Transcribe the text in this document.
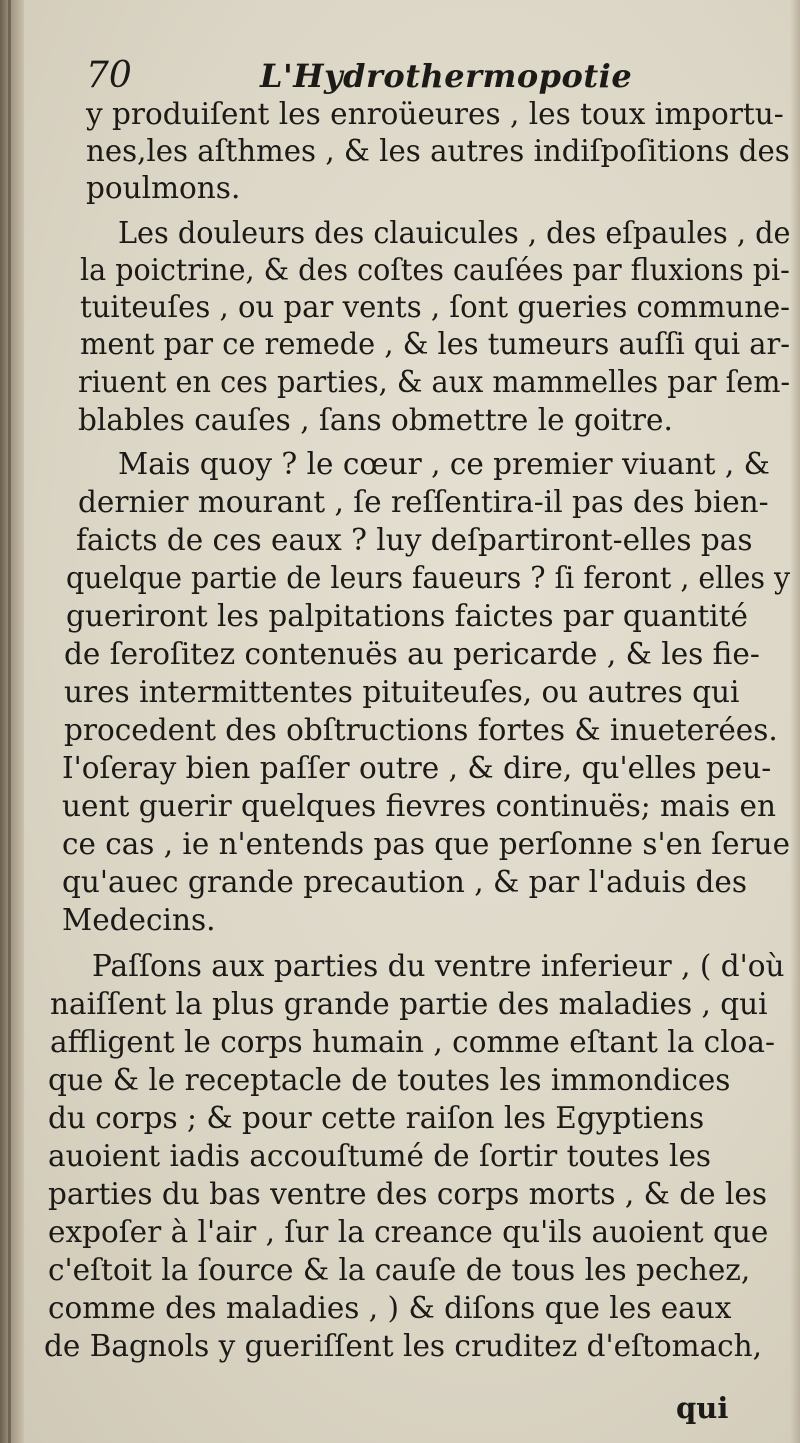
70	L'Hydrothermopotie
y produiſent les enroüeures , les toux importu-
nes,les aſthmes , & les autres indiſpoſitions des
poulmons.
Les douleurs des clauicules , des eſpaules , de
la poictrine, & des coſtes cauſées par fluxions pi-
tuiteuſes , ou par vents , ſont gueries commune-
ment par ce remede , & les tumeurs auſſi qui ar-
riuent en ces parties, & aux mammelles par ſem-
blables cauſes , ſans obmettre le goitre.
Mais quoy ? le cœur , ce premier viuant , &
dernier mourant , ſe reſſentira-il pas des bien-
faicts de ces eaux ? luy deſpartiront-elles pas
quelque partie de leurs faueurs ? ſi feront , elles y
gueriront les palpitations faictes par quantité
de ſeroſitez contenuës au pericarde , & les fie-
ures intermittentes pituiteuſes, ou autres qui
procedent des obſtructions fortes & inueterées.
I'oſeray bien paſſer outre , & dire, qu'elles peu-
uent guerir quelques fievres continuës; mais en
ce cas , ie n'entends pas que perſonne s'en ſerue
qu'auec grande precaution , & par l'aduis des
Medecins.
Paſſons aux parties du ventre inferieur , ( d'où
naiſſent la plus grande partie des maladies , qui
affligent le corps humain , comme eſtant la cloa-
que & le receptacle de toutes les immondices
du corps ; & pour cette raiſon les Egyptiens
auoient iadis accouſtumé de ſortir toutes les
parties du bas ventre des corps morts , & de les
expoſer à l'air , ſur la creance qu'ils auoient que
c'eſtoit la ſource & la cauſe de tous les pechez,
comme des maladies , ) & diſons que les eaux
de Bagnols y gueriſſent les cruditez d'eſtomach,
qui
